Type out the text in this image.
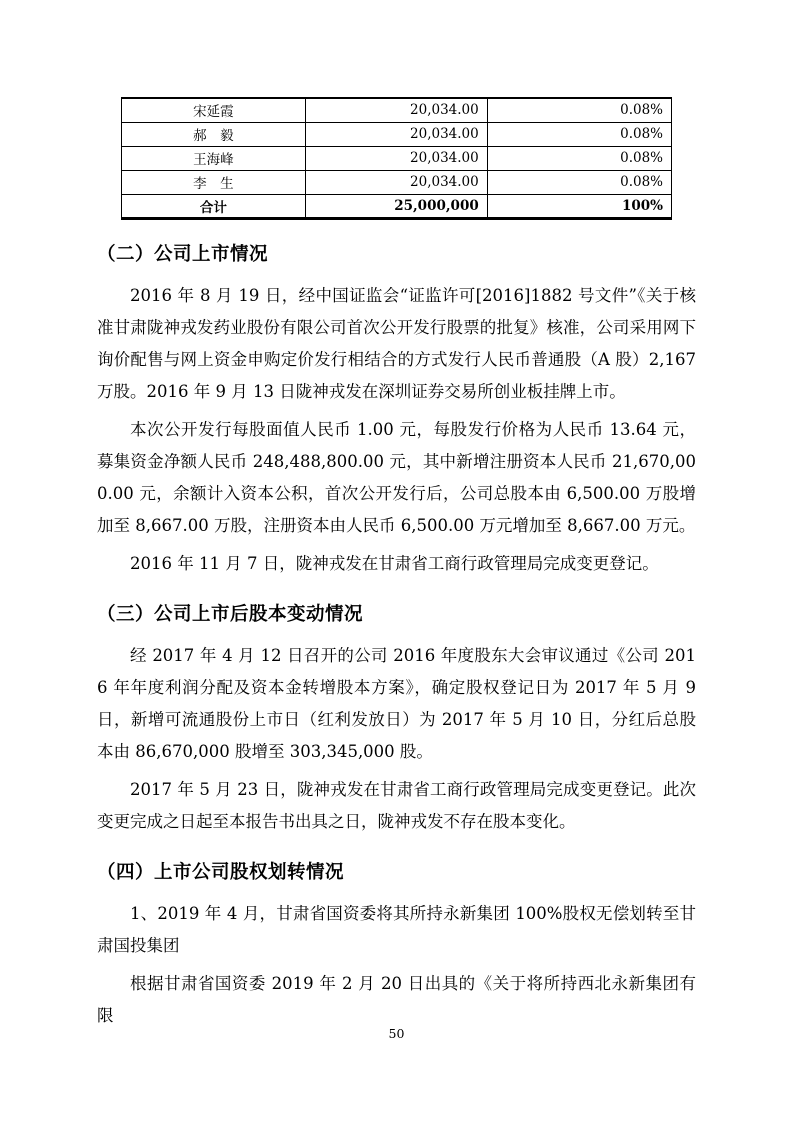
宋延霞	20,034.00	0.08%
郝　毅	20,034.00	0.08%
王海峰	20,034.00	0.08%
李　生	20,034.00	0.08%
合计	25,000,000	100%
（二）公司上市情况

2016 年 8 月 19 日，经中国证监会“证监许可[2016]1882 号文件”《关于核准甘肃陇神戎发药业股份有限公司首次公开发行股票的批复》核准，公司采用网下询价配售与网上资金申购定价发行相结合的方式发行人民币普通股（A 股）2,167 万股。2016 年 9 月 13 日陇神戎发在深圳证券交易所创业板挂牌上市。

本次公开发行每股面值人民币 1.00 元，每股发行价格为人民币 13.64 元，募集资金净额人民币 248,488,800.00 元，其中新增注册资本人民币 21,670,000.00 元，余额计入资本公积，首次公开发行后，公司总股本由 6,500.00 万股增加至 8,667.00 万股，注册资本由人民币 6,500.00 万元增加至 8,667.00 万元。

2016 年 11 月 7 日，陇神戎发在甘肃省工商行政管理局完成变更登记。

（三）公司上市后股本变动情况

经 2017 年 4 月 12 日召开的公司 2016 年度股东大会审议通过《公司 2016 年年度利润分配及资本金转增股本方案》，确定股权登记日为 2017 年 5 月 9 日，新增可流通股份上市日（红利发放日）为 2017 年 5 月 10 日，分红后总股本由 86,670,000 股增至 303,345,000 股。

2017 年 5 月 23 日，陇神戎发在甘肃省工商行政管理局完成变更登记。此次变更完成之日起至本报告书出具之日，陇神戎发不存在股本变化。

（四）上市公司股权划转情况

1、2019 年 4 月，甘肃省国资委将其所持永新集团 100%股权无偿划转至甘肃国投集团

根据甘肃省国资委 2019 年 2 月 20 日出具的《关于将所持西北永新集团有限

50
